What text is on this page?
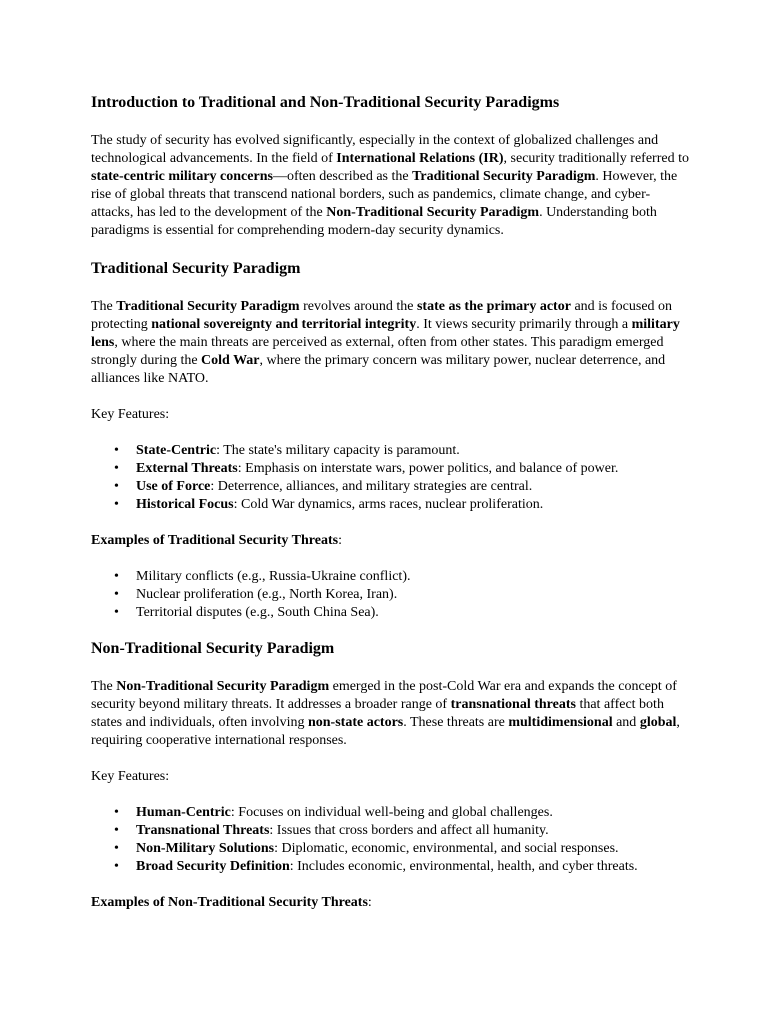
Introduction to Traditional and Non-Traditional Security Paradigms

The study of security has evolved significantly, especially in the context of globalized challenges and technological advancements. In the field of International Relations (IR), security traditionally referred to state-centric military concerns—often described as the Traditional Security Paradigm. However, the rise of global threats that transcend national borders, such as pandemics, climate change, and cyber-attacks, has led to the development of the Non-Traditional Security Paradigm. Understanding both paradigms is essential for comprehending modern-day security dynamics.

Traditional Security Paradigm

The Traditional Security Paradigm revolves around the state as the primary actor and is focused on protecting national sovereignty and territorial integrity. It views security primarily through a military lens, where the main threats are perceived as external, often from other states. This paradigm emerged strongly during the Cold War, where the primary concern was military power, nuclear deterrence, and alliances like NATO.

Key Features:

• State-Centric: The state's military capacity is paramount.
• External Threats: Emphasis on interstate wars, power politics, and balance of power.
• Use of Force: Deterrence, alliances, and military strategies are central.
• Historical Focus: Cold War dynamics, arms races, nuclear proliferation.

Examples of Traditional Security Threats:

• Military conflicts (e.g., Russia-Ukraine conflict).
• Nuclear proliferation (e.g., North Korea, Iran).
• Territorial disputes (e.g., South China Sea).
Non-Traditional Security Paradigm

The Non-Traditional Security Paradigm emerged in the post-Cold War era and expands the concept of security beyond military threats. It addresses a broader range of transnational threats that affect both states and individuals, often involving non-state actors. These threats are multidimensional and global, requiring cooperative international responses.

Key Features:

• Human-Centric: Focuses on individual well-being and global challenges.
• Transnational Threats: Issues that cross borders and affect all humanity.
• Non-Military Solutions: Diplomatic, economic, environmental, and social responses.
• Broad Security Definition: Includes economic, environmental, health, and cyber threats.

Examples of Non-Traditional Security Threats:
